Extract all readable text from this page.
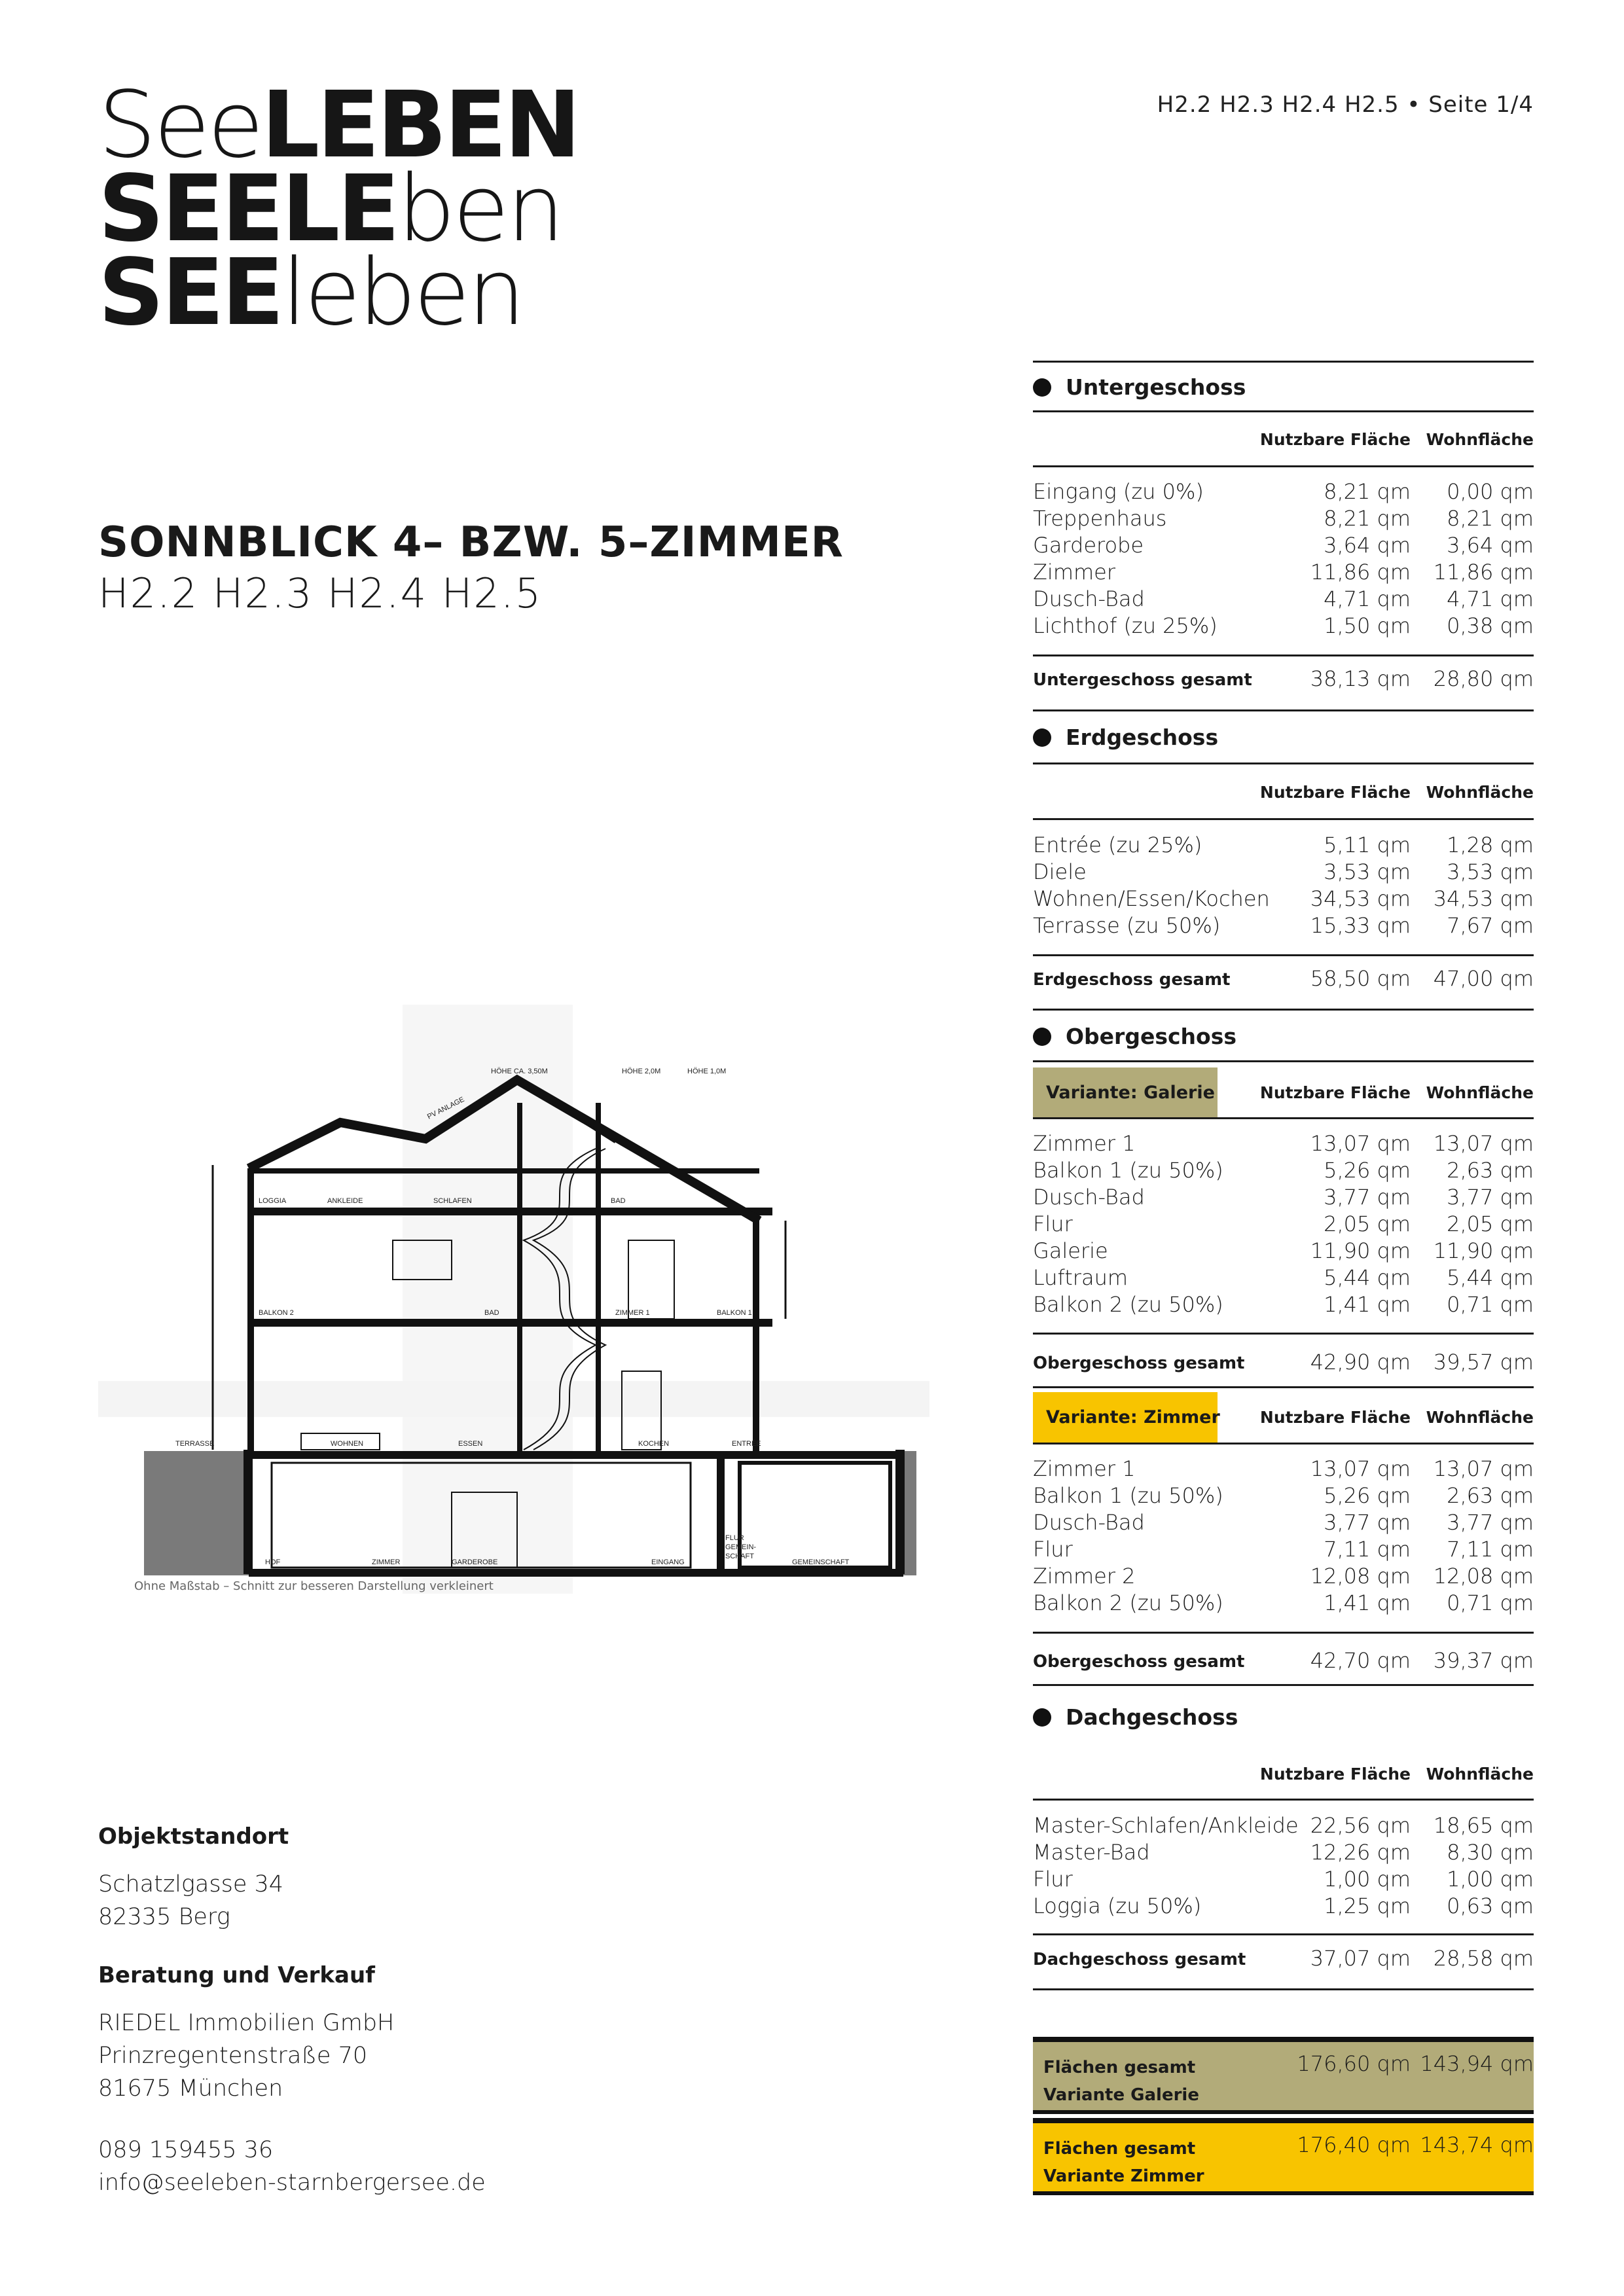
SeeLEBEN
SEELEben
SEEleben
H2.2 H2.3 H2.4 H2.5 • Seite 1/4
SONNBLICK 4– BZW. 5–ZIMMER
H2.2 H2.3 H2.4 H2.5
HÖHE CA. 3,50M	HÖHE 2,0M	HÖHE 1,0M
PV ANLAGE
LOGGIA	ANKLEIDE	SCHLAFEN	BAD
BALKON 2	BAD	ZIMMER 1	BALKON 1
TERRASSE	WOHNEN	ESSEN	KOCHEN	ENTRÉE
HOF	ZIMMER	GARDEROBE	EINGANG
FLUR
GEMEIN-
SCHAFT
GEMEINSCHAFT
Ohne Maßstab – Schnitt zur besseren Darstellung verkleinert
Objektstandort
Schatzlgasse 34
82335 Berg
Beratung und Verkauf
RIEDEL Immobilien GmbH
Prinzregentenstraße 70
81675 München
089 159455 36
info@seeleben-starnbergersee.de
Untergeschoss
Nutzbare Fläche Wohnfläche
Eingang (zu 0%)	8,21 qm 0,00 qm
Treppenhaus	8,21 qm 8,21 qm
Garderobe	3,64 qm 3,64 qm
Zimmer	11,86 qm 11,86 qm
Dusch-Bad	4,71 qm 4,71 qm
Lichthof (zu 25%)	1,50 qm 0,38 qm
Untergeschoss gesamt	38,13 qm 28,80 qm
Erdgeschoss
Nutzbare Fläche Wohnfläche
Entrée (zu 25%)	5,11 qm 1,28 qm
Diele	3,53 qm 3,53 qm
Wohnen/Essen/Kochen 34,53 qm 34,53 qm
Terrasse (zu 50%)	15,33 qm 7,67 qm
Erdgeschoss gesamt	58,50 qm 47,00 qm
Obergeschoss
Variante: Galerie	Nutzbare Fläche Wohnfläche
Zimmer 1	13,07 qm 13,07 qm
Balkon 1 (zu 50%)	5,26 qm 2,63 qm
Dusch-Bad	3,77 qm 3,77 qm
Flur	2,05 qm 2,05 qm
Galerie	11,90 qm 11,90 qm
Luftraum	5,44 qm 5,44 qm
Balkon 2 (zu 50%)	1,41 qm 0,71 qm
Obergeschoss gesamt	42,90 qm 39,57 qm
Variante: Zimmer Nutzbare Fläche Wohnfläche
Zimmer 1	13,07 qm 13,07 qm
Balkon 1 (zu 50%)	5,26 qm 2,63 qm
Dusch-Bad	3,77 qm 3,77 qm
Flur	7,11 qm 7,11 qm
Zimmer 2	12,08 qm 12,08 qm
Balkon 2 (zu 50%)	1,41 qm 0,71 qm
Obergeschoss gesamt	42,70 qm 39,37 qm
Dachgeschoss
Nutzbare Fläche Wohnfläche
Master-Schlafen/Ankleide 22,56 qm 18,65 qm
Master-Bad	12,26 qm 8,30 qm
Flur	1,00 qm 1,00 qm
Loggia (zu 50%)	1,25 qm 0,63 qm
Dachgeschoss gesamt	37,07 qm 28,58 qm
Flächen gesamt
Variante Galerie
176,60 qm 143,94 qm
Flächen gesamt
Variante Zimmer
176,40 qm 143,74 qm
